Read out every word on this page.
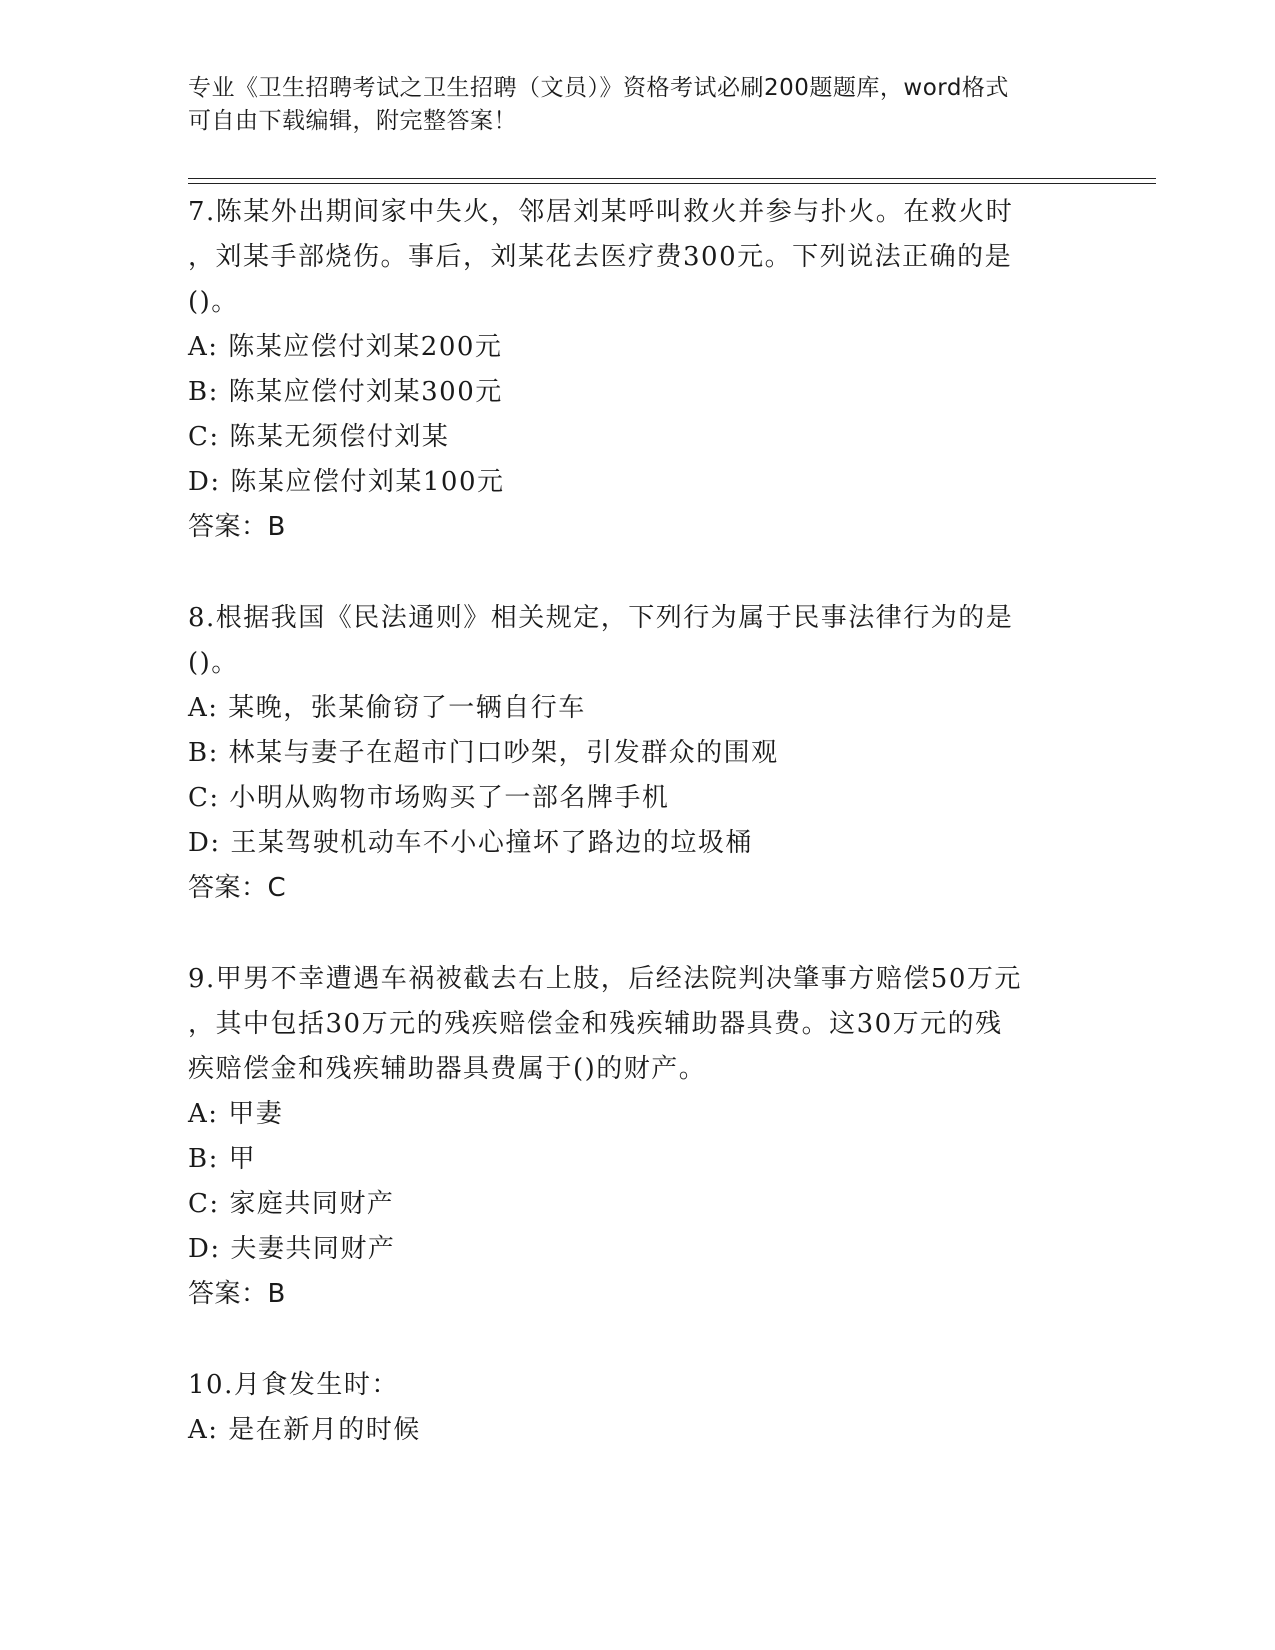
专业《卫生招聘考试之卫生招聘（文员）》资格考试必刷200题题库，word格式
可自由下载编辑，附完整答案！
7.陈某外出期间家中失火，邻居刘某呼叫救火并参与扑火。在救火时
，刘某手部烧伤。事后，刘某花去医疗费300元。下列说法正确的是
()。
A: 陈某应偿付刘某200元
B: 陈某应偿付刘某300元
C: 陈某无须偿付刘某
D: 陈某应偿付刘某100元
答案：B
8.根据我国《民法通则》相关规定，下列行为属于民事法律行为的是
()。
A: 某晚，张某偷窃了一辆自行车
B: 林某与妻子在超市门口吵架，引发群众的围观
C: 小明从购物市场购买了一部名牌手机
D: 王某驾驶机动车不小心撞坏了路边的垃圾桶
答案：C
9.甲男不幸遭遇车祸被截去右上肢，后经法院判决肇事方赔偿50万元
，其中包括30万元的残疾赔偿金和残疾辅助器具费。这30万元的残
疾赔偿金和残疾辅助器具费属于()的财产。
A: 甲妻
B: 甲
C: 家庭共同财产
D: 夫妻共同财产
答案：B
10.月食发生时：
A: 是在新月的时候
